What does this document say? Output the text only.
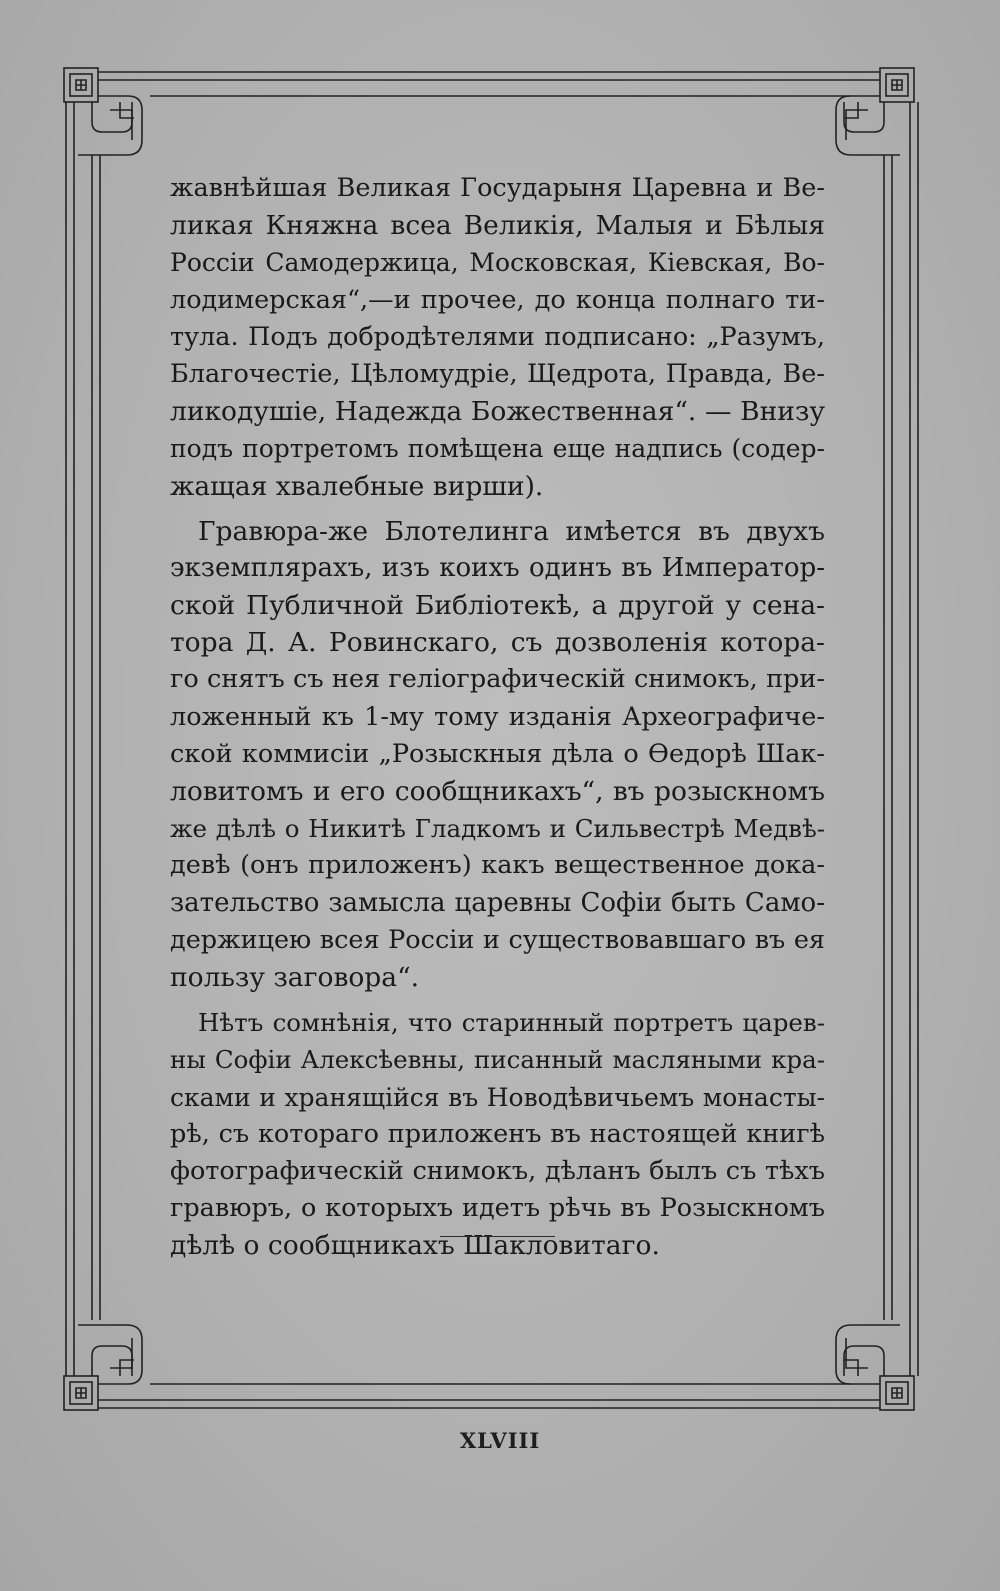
жавнѣйшая Великая Государыня Царевна и Ве-
ликая Княжна всеа Великія, Малыя и Бѣлыя
Россіи Самодержица, Московская, Кіевская, Во-
лодимерская“,—и прочее, до конца полнаго ти-
тула. Подъ добродѣтелями подписано: „Разумъ,
Благочестіе, Цѣломудріе, Щедрота, Правда, Ве-
ликодушіе, Надежда Божественная“. — Внизу
подъ портретомъ помѣщена еще надпись (содер-
жащая хвалебные вирши).
Гравюра-же Блотелинга имѣется въ двухъ
экземплярахъ, изъ коихъ одинъ въ Император-
ской Публичной Библіотекѣ, а другой у сена-
тора Д. А. Ровинскаго, съ дозволенія котора-
го снятъ съ нея геліографическій снимокъ, при-
ложенный къ 1-му тому изданія Археографиче-
ской коммисіи „Розыскныя дѣла о Ѳедорѣ Шак-
ловитомъ и его сообщникахъ“, въ розыскномъ
же дѣлѣ о Никитѣ Гладкомъ и Сильвестрѣ Медвѣ-
девѣ (онъ приложенъ) какъ вещественное дока-
зательство замысла царевны Софіи быть Само-
держицею всея Россіи и существовавшаго въ ея
пользу заговора“.
Нѣтъ сомнѣнія, что старинный портретъ царев-
ны Софіи Алексѣевны, писанный масляными кра-
сками и хранящійся въ Новодѣвичьемъ монасты-
рѣ, съ котораго приложенъ въ настоящей книгѣ
фотографическій снимокъ, дѣланъ былъ съ тѣхъ
гравюръ, о которыхъ идетъ рѣчь въ Розыскномъ
дѣлѣ о сообщникахъ Шакловитаго.
XLVIII
